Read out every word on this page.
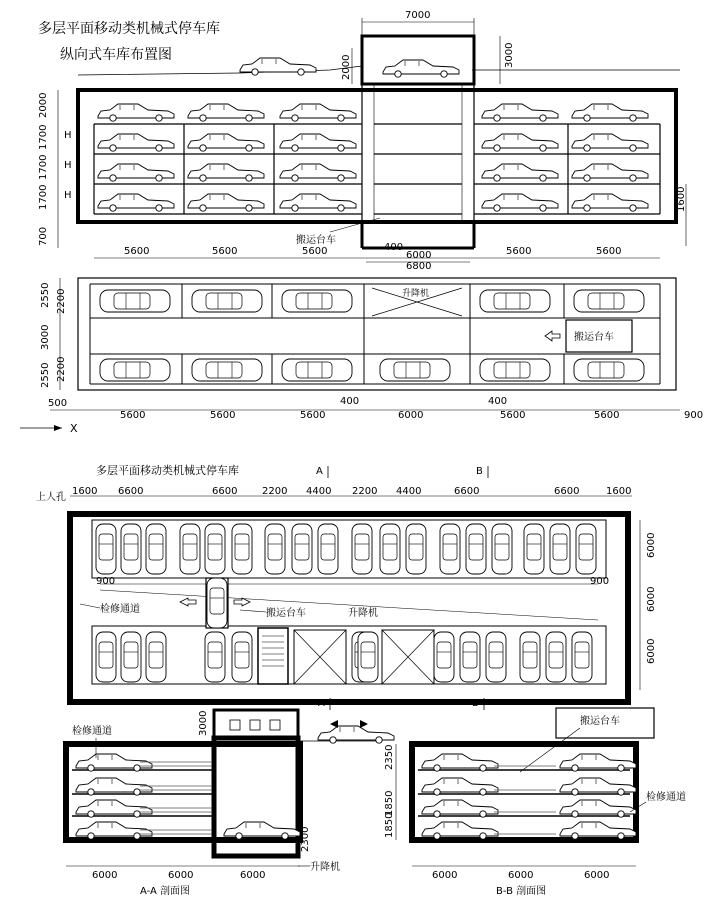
多层平面移动类机械式停车库
纵向式车库布置图
7000
3000
2000
搬运台车
2000
1700
1700
1700
700
H
H
H	1600
5600	5600	5600	400
6000
6800
5600	5600
升降机
搬运台车
2550 2200
3000
2550 2200
500
5600	5600	5600
400
6000
400
5600	5600	900
X
多层平面移动类机械式停车库	A	B
上人孔
1600 6600	6600 2200 4400 2200 4400	6600	6600	1600
900	900
检修通道	搬运台车	升降机
6000
6000
6000
A	B
3000
检修通道
2300
升降机
6000	6000	6000
A-A 剖面图
搬运台车
检修通道
2350
1850
1850
6000	6000	6000
B-B 剖面图
